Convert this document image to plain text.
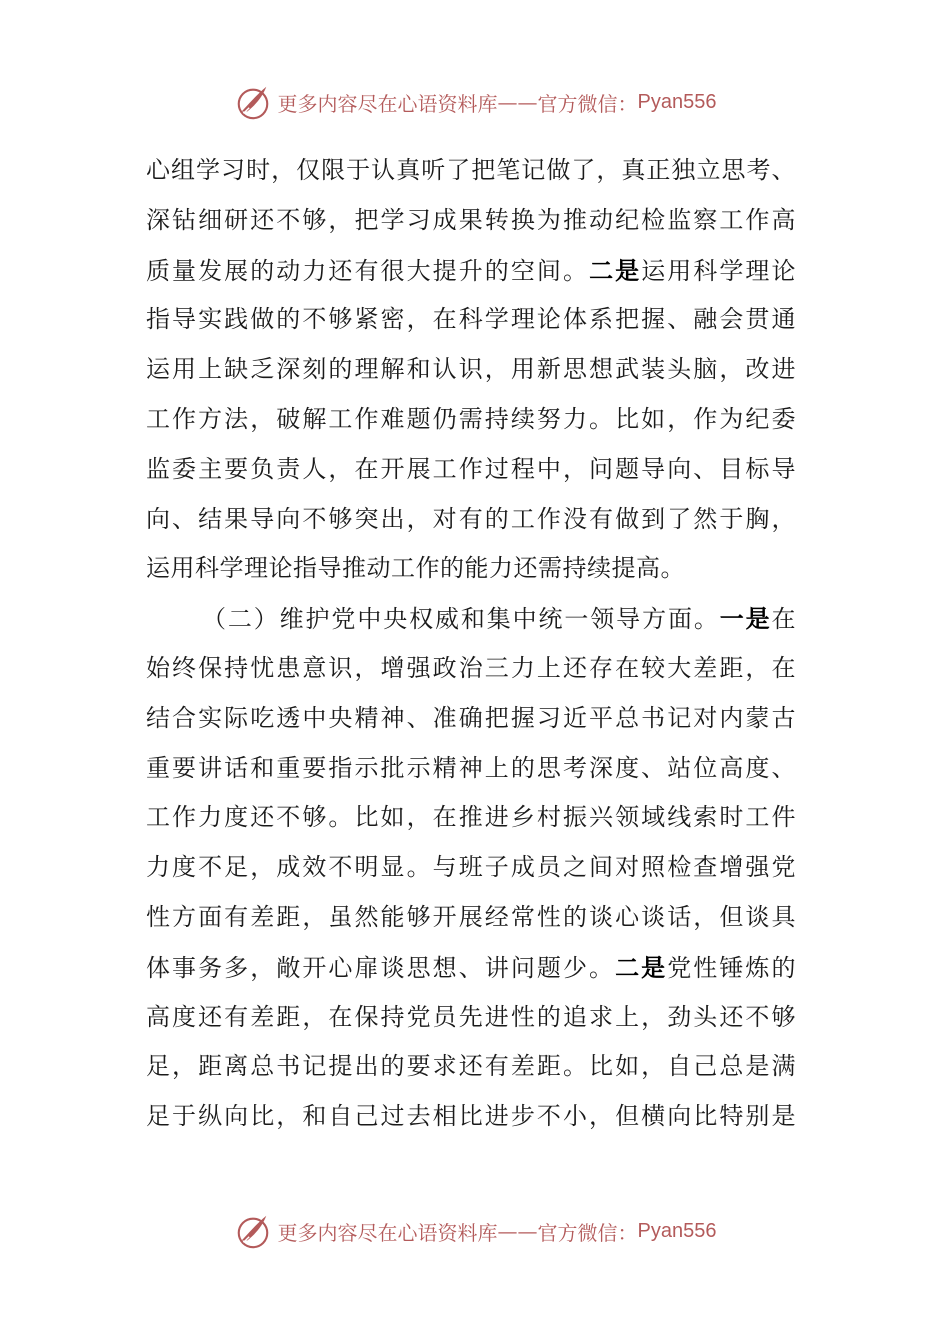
更多内容尽在心语资料库 —— 官方微信： Pyan556
心组学习时，仅限于认真听了把笔记做了，真正独立思考、
深钻细研还不够，把学习成果转换为推动纪检监察工作高
质量发展的动力还有很大提升的空间。二是运用科学理论
指导实践做的不够紧密，在科学理论体系把握、融会贯通
运用上缺乏深刻的理解和认识，用新思想武装头脑，改进
工作方法，破解工作难题仍需持续努力。比如，作为纪委
监委主要负责人，在开展工作过程中，问题导向、目标导
向、结果导向不够突出，对有的工作没有做到了然于胸，
运用科学理论指导推动工作的能力还需持续提高。
（二）维护党中央权威和集中统一领导方面。一是在
始终保持忧患意识，增强政治三力上还存在较大差距，在
结合实际吃透中央精神、准确把握习近平总书记对内蒙古
重要讲话和重要指示批示精神上的思考深度、站位高度、
工作力度还不够。比如，在推进乡村振兴领域线索时工件
力度不足，成效不明显。与班子成员之间对照检查增强党
性方面有差距，虽然能够开展经常性的谈心谈话，但谈具
体事务多，敞开心扉谈思想、讲问题少。二是党性锤炼的
高度还有差距，在保持党员先进性的追求上，劲头还不够
足，距离总书记提出的要求还有差距。比如，自己总是满
足于纵向比，和自己过去相比进步不小，但横向比特别是
更多内容尽在心语资料库 —— 官方微信： Pyan556
